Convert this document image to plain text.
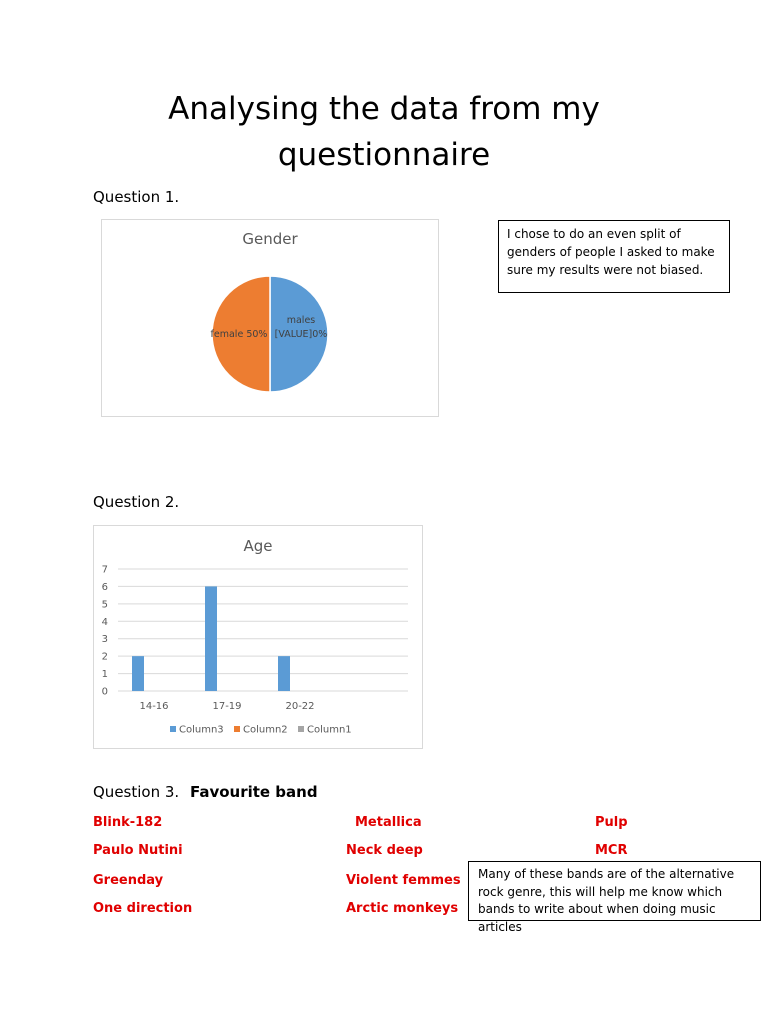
Analysing the data from my
questionnaire
Question 1.
Gender
males
[VALUE]0%
female 50%
I chose to do an even split of genders of people I asked to make sure my results were not biased.
Question 2.
Age
0
1
2
3
4
5
6
7
14-16	17-19	20-22
Column3 Column2 Column1
Question 3. Favourite band
Blink-182	Metallica	Pulp
Paulo Nutini	Neck deep	MCR
Greenday	Violent femmes
One direction	Arctic monkeys
Many of these bands are of the alternative rock genre, this will help me know which bands to write about when doing music articles
